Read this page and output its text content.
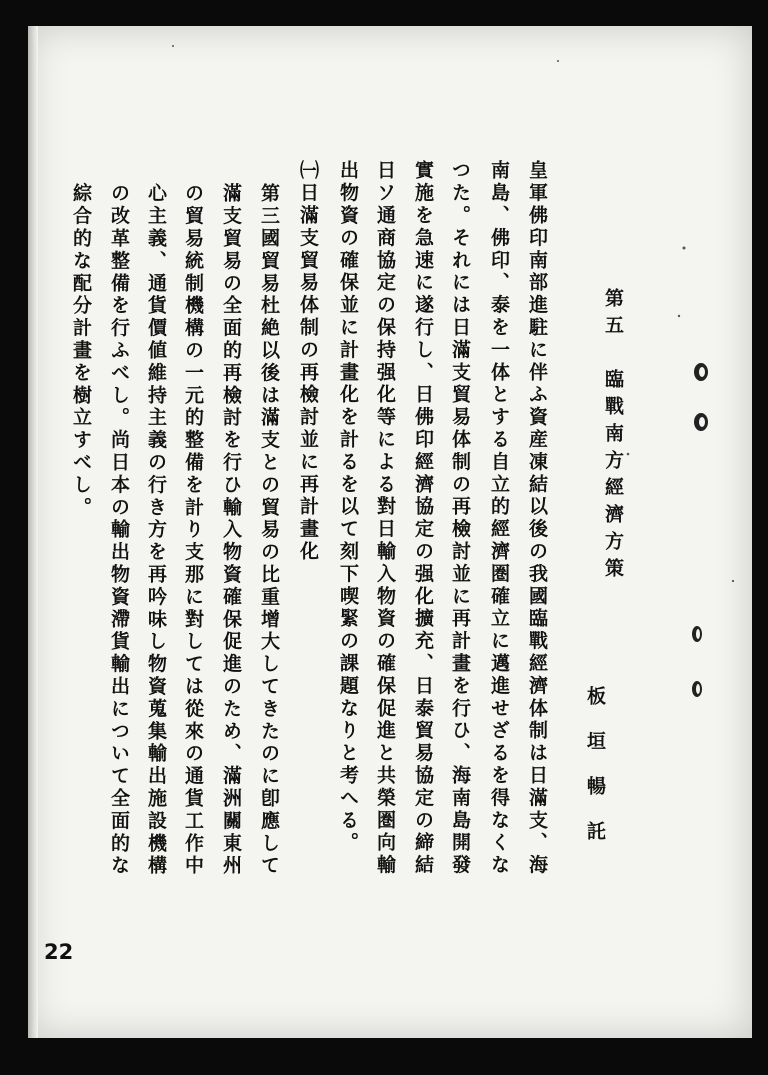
第五　臨戰南方經濟方策
板垣暢託
皇軍佛印南部進駐に伴ふ資産凍結以後の我國臨戰經濟体制は日滿支、海
南島、佛印、泰を一体とする自立的經濟圏確立に邁進せざるを得なくな
つた。それには日滿支貿易体制の再檢討並に再計畫を行ひ、海南島開發
實施を急速に遂行し、日佛印經濟協定の强化擴充、日泰貿易協定の締結
日ソ通商協定の保持强化等による對日輸入物資の確保促進と共榮圏向輸
出物資の確保並に計畫化を計るを以て刻下喫緊の課題なりと考へる。
㈠日滿支貿易体制の再檢討並に再計畫化
第三國貿易杜絶以後は滿支との貿易の比重增大してきたのに卽應して
滿支貿易の全面的再檢討を行ひ輸入物資確保促進のため、滿洲關東州
の貿易統制機構の一元的整備を計り支那に對しては從來の通貨工作中
心主義、通貨價値維持主義の行き方を再吟味し物資蒐集輸出施設機構
の改革整備を行ふべし。尚日本の輸出物資滯貨輸出について全面的な
綜合的な配分計畫を樹立すべし。
22
